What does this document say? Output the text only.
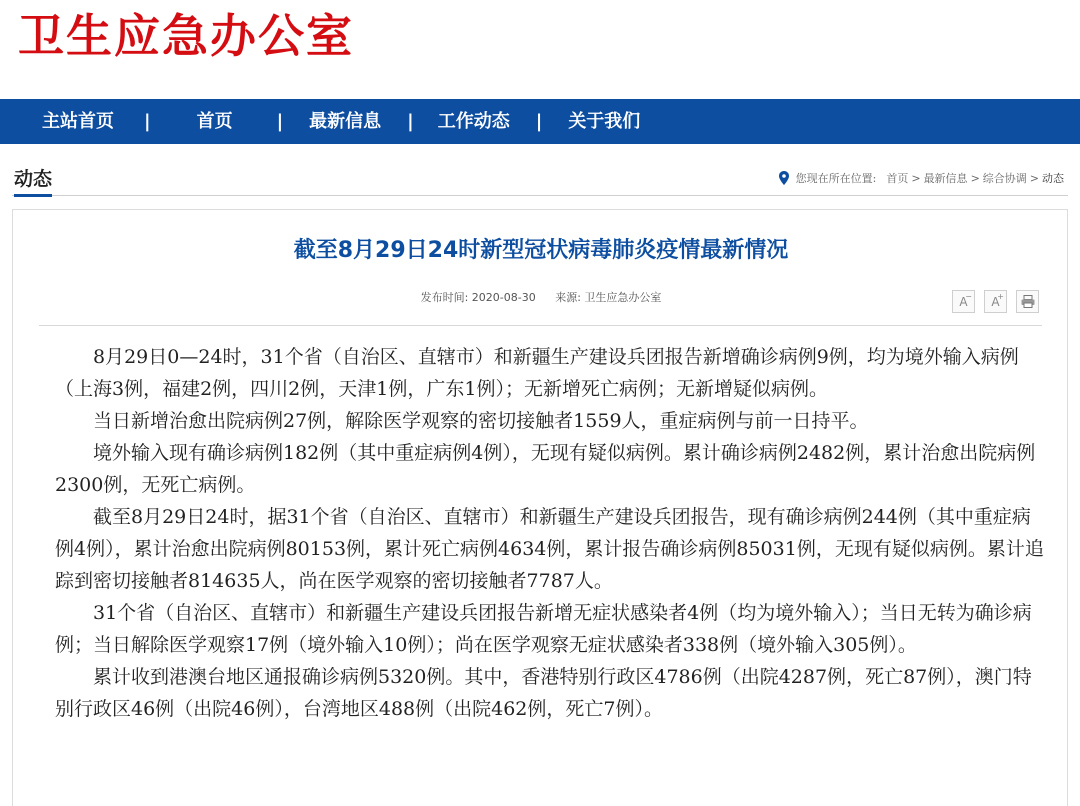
卫生应急办公室
主站首页 |	首页 | 最新信息 | 工作动态 | 关于我们
动态	您现在所在位置: 首页 > 最新信息 > 综合协调 > 动态
截至8月29日24时新型冠状病毒肺炎疫情最新情况
发布时间: 2020-08-30 来源: 卫生应急办公室	A
− A
+

8月29日0—24时，31个省（自治区、直辖市）和新疆生产建设兵团报告新增确诊病例9例，均为境外输入病例（上海3例，福建2例，四川2例，天津1例，广东1例）；无新增死亡病例；无新增疑似病例。

当日新增治愈出院病例27例，解除医学观察的密切接触者1559人，重症病例与前一日持平。

境外输入现有确诊病例182例（其中重症病例4例），无现有疑似病例。累计确诊病例2482例，累计治愈出院病例2300例，无死亡病例。

截至8月29日24时，据31个省（自治区、直辖市）和新疆生产建设兵团报告，现有确诊病例244例（其中重症病例4例），累计治愈出院病例80153例，累计死亡病例4634例，累计报告确诊病例85031例，无现有疑似病例。累计追踪到密切接触者814635人，尚在医学观察的密切接触者7787人。

31个省（自治区、直辖市）和新疆生产建设兵团报告新增无症状感染者4例（均为境外输入）；当日无转为确诊病例；当日解除医学观察17例（境外输入10例）；尚在医学观察无症状感染者338例（境外输入305例）。

累计收到港澳台地区通报确诊病例5320例。其中，香港特别行政区4786例（出院4287例，死亡87例），澳门特别行政区46例（出院46例），台湾地区488例（出院462例，死亡7例）。
